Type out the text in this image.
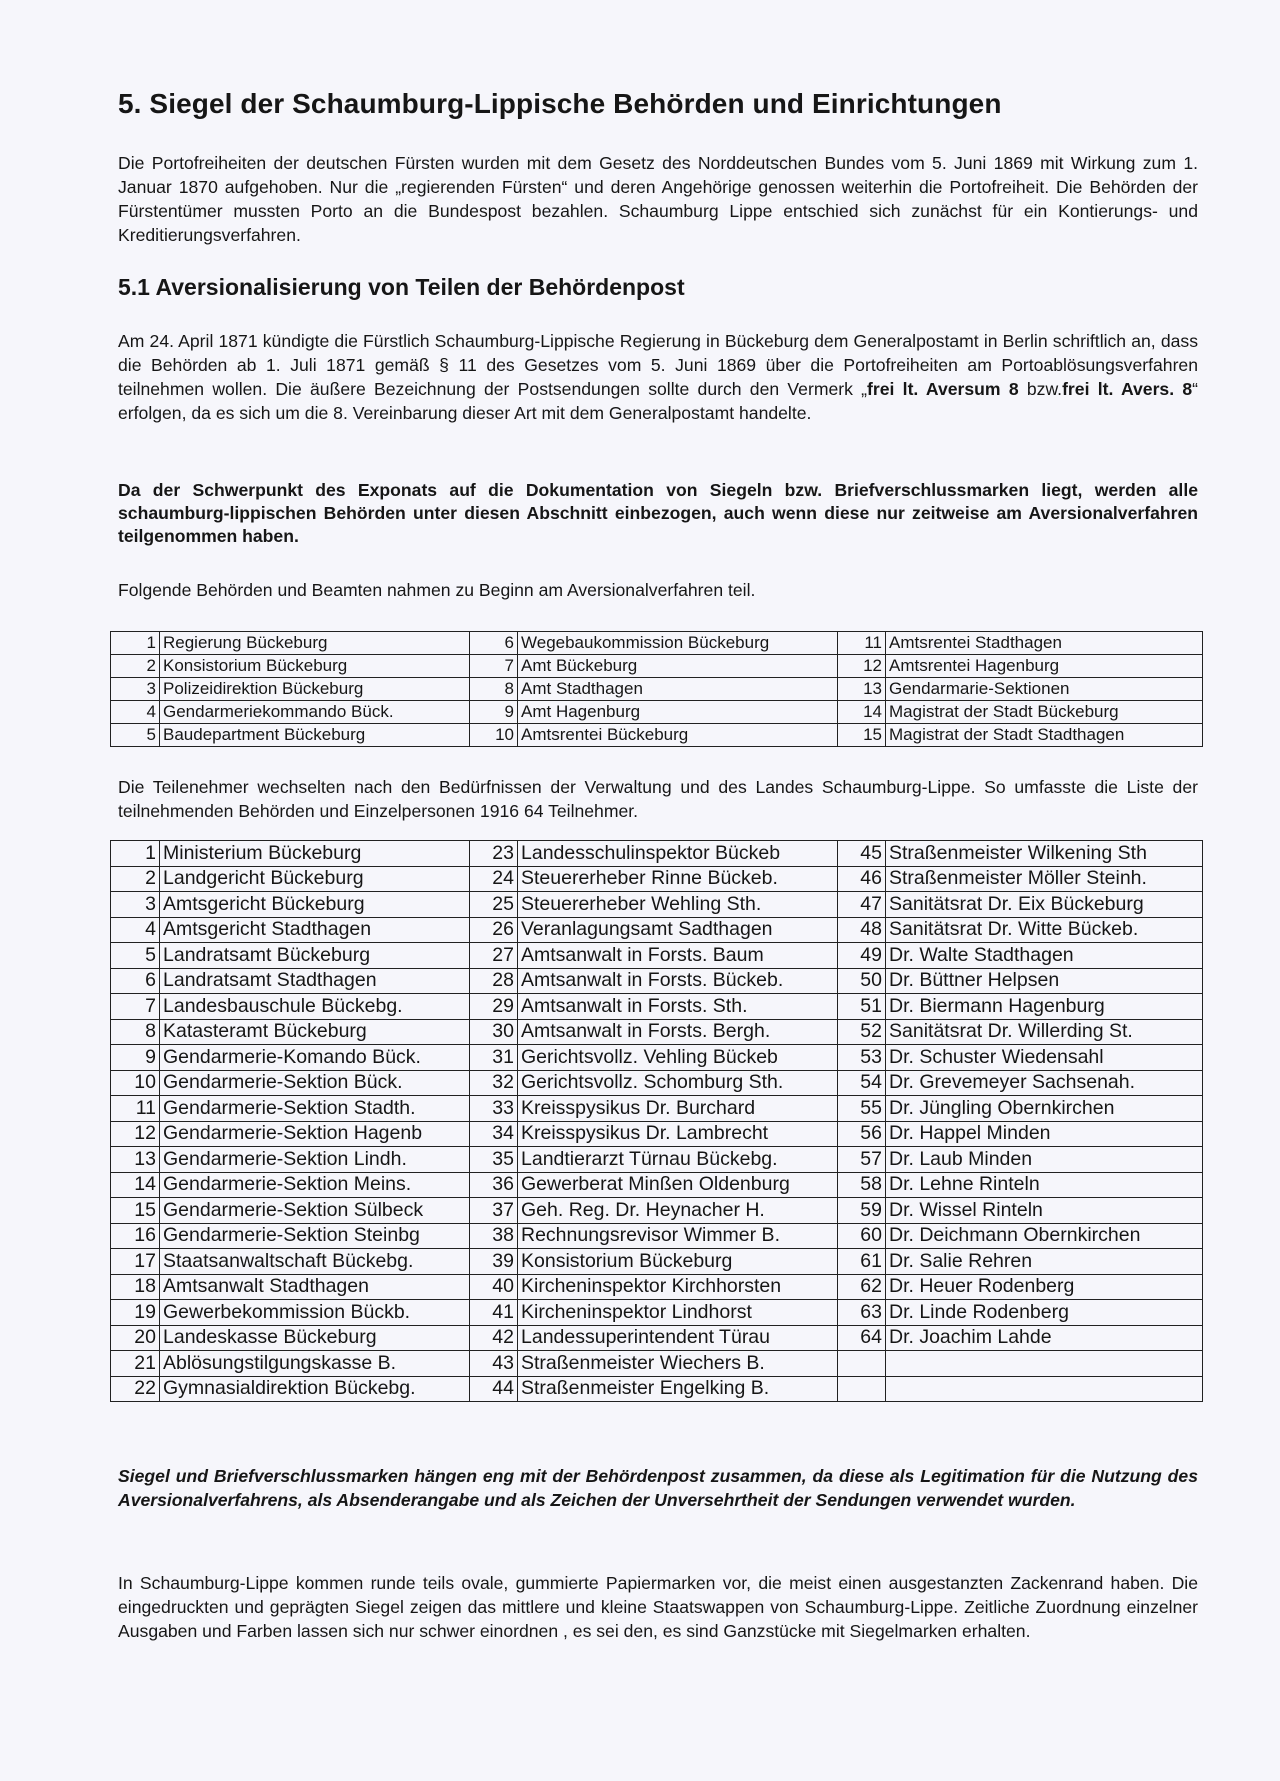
5. Siegel der Schaumburg-Lippische Behörden und Einrichtungen

Die Portofreiheiten der deutschen Fürsten wurden mit dem Gesetz des Norddeutschen Bundes vom 5. Juni 1869 mit Wirkung zum 1. Januar 1870 aufgehoben. Nur die „regierenden Fürsten“ und deren Angehörige genossen weiterhin die Portofreiheit. Die Behörden der Fürstentümer mussten Porto an die Bundespost bezahlen. Schaumburg Lippe entschied sich zunächst für ein Kontierungs- und Kreditierungsverfahren.

5.1 Aversionalisierung von Teilen der Behördenpost

Am 24. April 1871 kündigte die Fürstlich Schaumburg-Lippische Regierung in Bückeburg dem Generalpostamt in Berlin schriftlich an, dass die Behörden ab 1. Juli 1871 gemäß § 11 des Gesetzes vom 5. Juni 1869 über die Portofreiheiten am Portoablösungsverfahren teilnehmen wollen. Die äußere Bezeichnung der Postsendungen sollte durch den Vermerk „frei lt. Aversum 8 bzw.frei lt. Avers. 8“ erfolgen, da es sich um die 8. Vereinbarung dieser Art mit dem Generalpostamt handelte.

Da der Schwerpunkt des Exponats auf die Dokumentation von Siegeln bzw. Briefverschlussmarken liegt, werden alle schaumburg-lippischen Behörden unter diesen Abschnitt einbezogen, auch wenn diese nur zeitweise am Aversionalverfahren teilgenommen haben.

Folgende Behörden und Beamten nahmen zu Beginn am Aversionalverfahren teil.

1	Regierung Bückeburg	6	Wegebaukommission Bückeburg	11	Amtsrentei Stadthagen
2	Konsistorium Bückeburg	7	Amt Bückeburg	12	Amtsrentei Hagenburg
3	Polizeidirektion Bückeburg	8	Amt Stadthagen	13	Gendarmarie-Sektionen
4	Gendarmeriekommando Bück.	9	Amt Hagenburg	14	Magistrat der Stadt Bückeburg
5	Baudepartment Bückeburg	10	Amtsrentei Bückeburg	15	Magistrat der Stadt Stadthagen

Die Teilenehmer wechselten nach den Bedürfnissen der Verwaltung und des Landes Schaumburg-Lippe. So umfasste die Liste der teilnehmenden Behörden und Einzelpersonen 1916 64 Teilnehmer.

1	Ministerium Bückeburg	23	Landesschulinspektor Bückeb	45	Straßenmeister Wilkening Sth
2	Landgericht Bückeburg	24	Steuererheber Rinne Bückeb.	46	Straßenmeister Möller Steinh.
3	Amtsgericht Bückeburg	25	Steuererheber Wehling Sth.	47	Sanitätsrat Dr. Eix Bückeburg
4	Amtsgericht Stadthagen	26	Veranlagungsamt Sadthagen	48	Sanitätsrat Dr. Witte Bückeb.
5	Landratsamt Bückeburg	27	Amtsanwalt in Forsts. Baum	49	Dr. Walte Stadthagen
6	Landratsamt Stadthagen	28	Amtsanwalt in Forsts. Bückeb.	50	Dr. Büttner Helpsen
7	Landesbauschule Bückebg.	29	Amtsanwalt in Forsts. Sth.	51	Dr. Biermann Hagenburg
8	Katasteramt Bückeburg	30	Amtsanwalt in Forsts. Bergh.	52	Sanitätsrat Dr. Willerding St.
9	Gendarmerie-Komando Bück.	31	Gerichtsvollz. Vehling Bückeb	53	Dr. Schuster Wiedensahl
10	Gendarmerie-Sektion Bück.	32	Gerichtsvollz. Schomburg Sth.	54	Dr. Grevemeyer Sachsenah.
11	Gendarmerie-Sektion Stadth.	33	Kreisspysikus Dr. Burchard	55	Dr. Jüngling Obernkirchen
12	Gendarmerie-Sektion Hagenb	34	Kreisspysikus Dr. Lambrecht	56	Dr. Happel Minden
13	Gendarmerie-Sektion Lindh.	35	Landtierarzt Türnau Bückebg.	57	Dr. Laub Minden
14	Gendarmerie-Sektion Meins.	36	Gewerberat Minßen Oldenburg	58	Dr. Lehne Rinteln
15	Gendarmerie-Sektion Sülbeck	37	Geh. Reg. Dr. Heynacher H.	59	Dr. Wissel Rinteln
16	Gendarmerie-Sektion Steinbg	38	Rechnungsrevisor Wimmer B.	60	Dr. Deichmann Obernkirchen
17	Staatsanwaltschaft Bückebg.	39	Konsistorium Bückeburg	61	Dr. Salie Rehren
18	Amtsanwalt Stadthagen	40	Kircheninspektor Kirchhorsten	62	Dr. Heuer Rodenberg
19	Gewerbekommission Bückb.	41	Kircheninspektor Lindhorst	63	Dr. Linde Rodenberg
20	Landeskasse Bückeburg	42	Landessuperintendent Türau	64	Dr. Joachim Lahde
21	Ablösungstilgungskasse B.	43	Straßenmeister Wiechers B.		
22	Gymnasialdirektion Bückebg.	44	Straßenmeister Engelking B.		

Siegel und Briefverschlussmarken hängen eng mit der Behördenpost zusammen, da diese als Legitimation für die Nutzung des Aversionalverfahrens, als Absenderangabe und als Zeichen der Unversehrtheit der Sendungen verwendet wurden.

In Schaumburg-Lippe kommen runde teils ovale, gummierte Papiermarken vor, die meist einen ausgestanzten Zackenrand haben. Die eingedruckten und geprägten Siegel zeigen das mittlere und kleine Staatswappen von Schaumburg-Lippe. Zeitliche Zuordnung einzelner Ausgaben und Farben lassen sich nur schwer einordnen , es sei den, es sind Ganzstücke mit Siegelmarken erhalten.
